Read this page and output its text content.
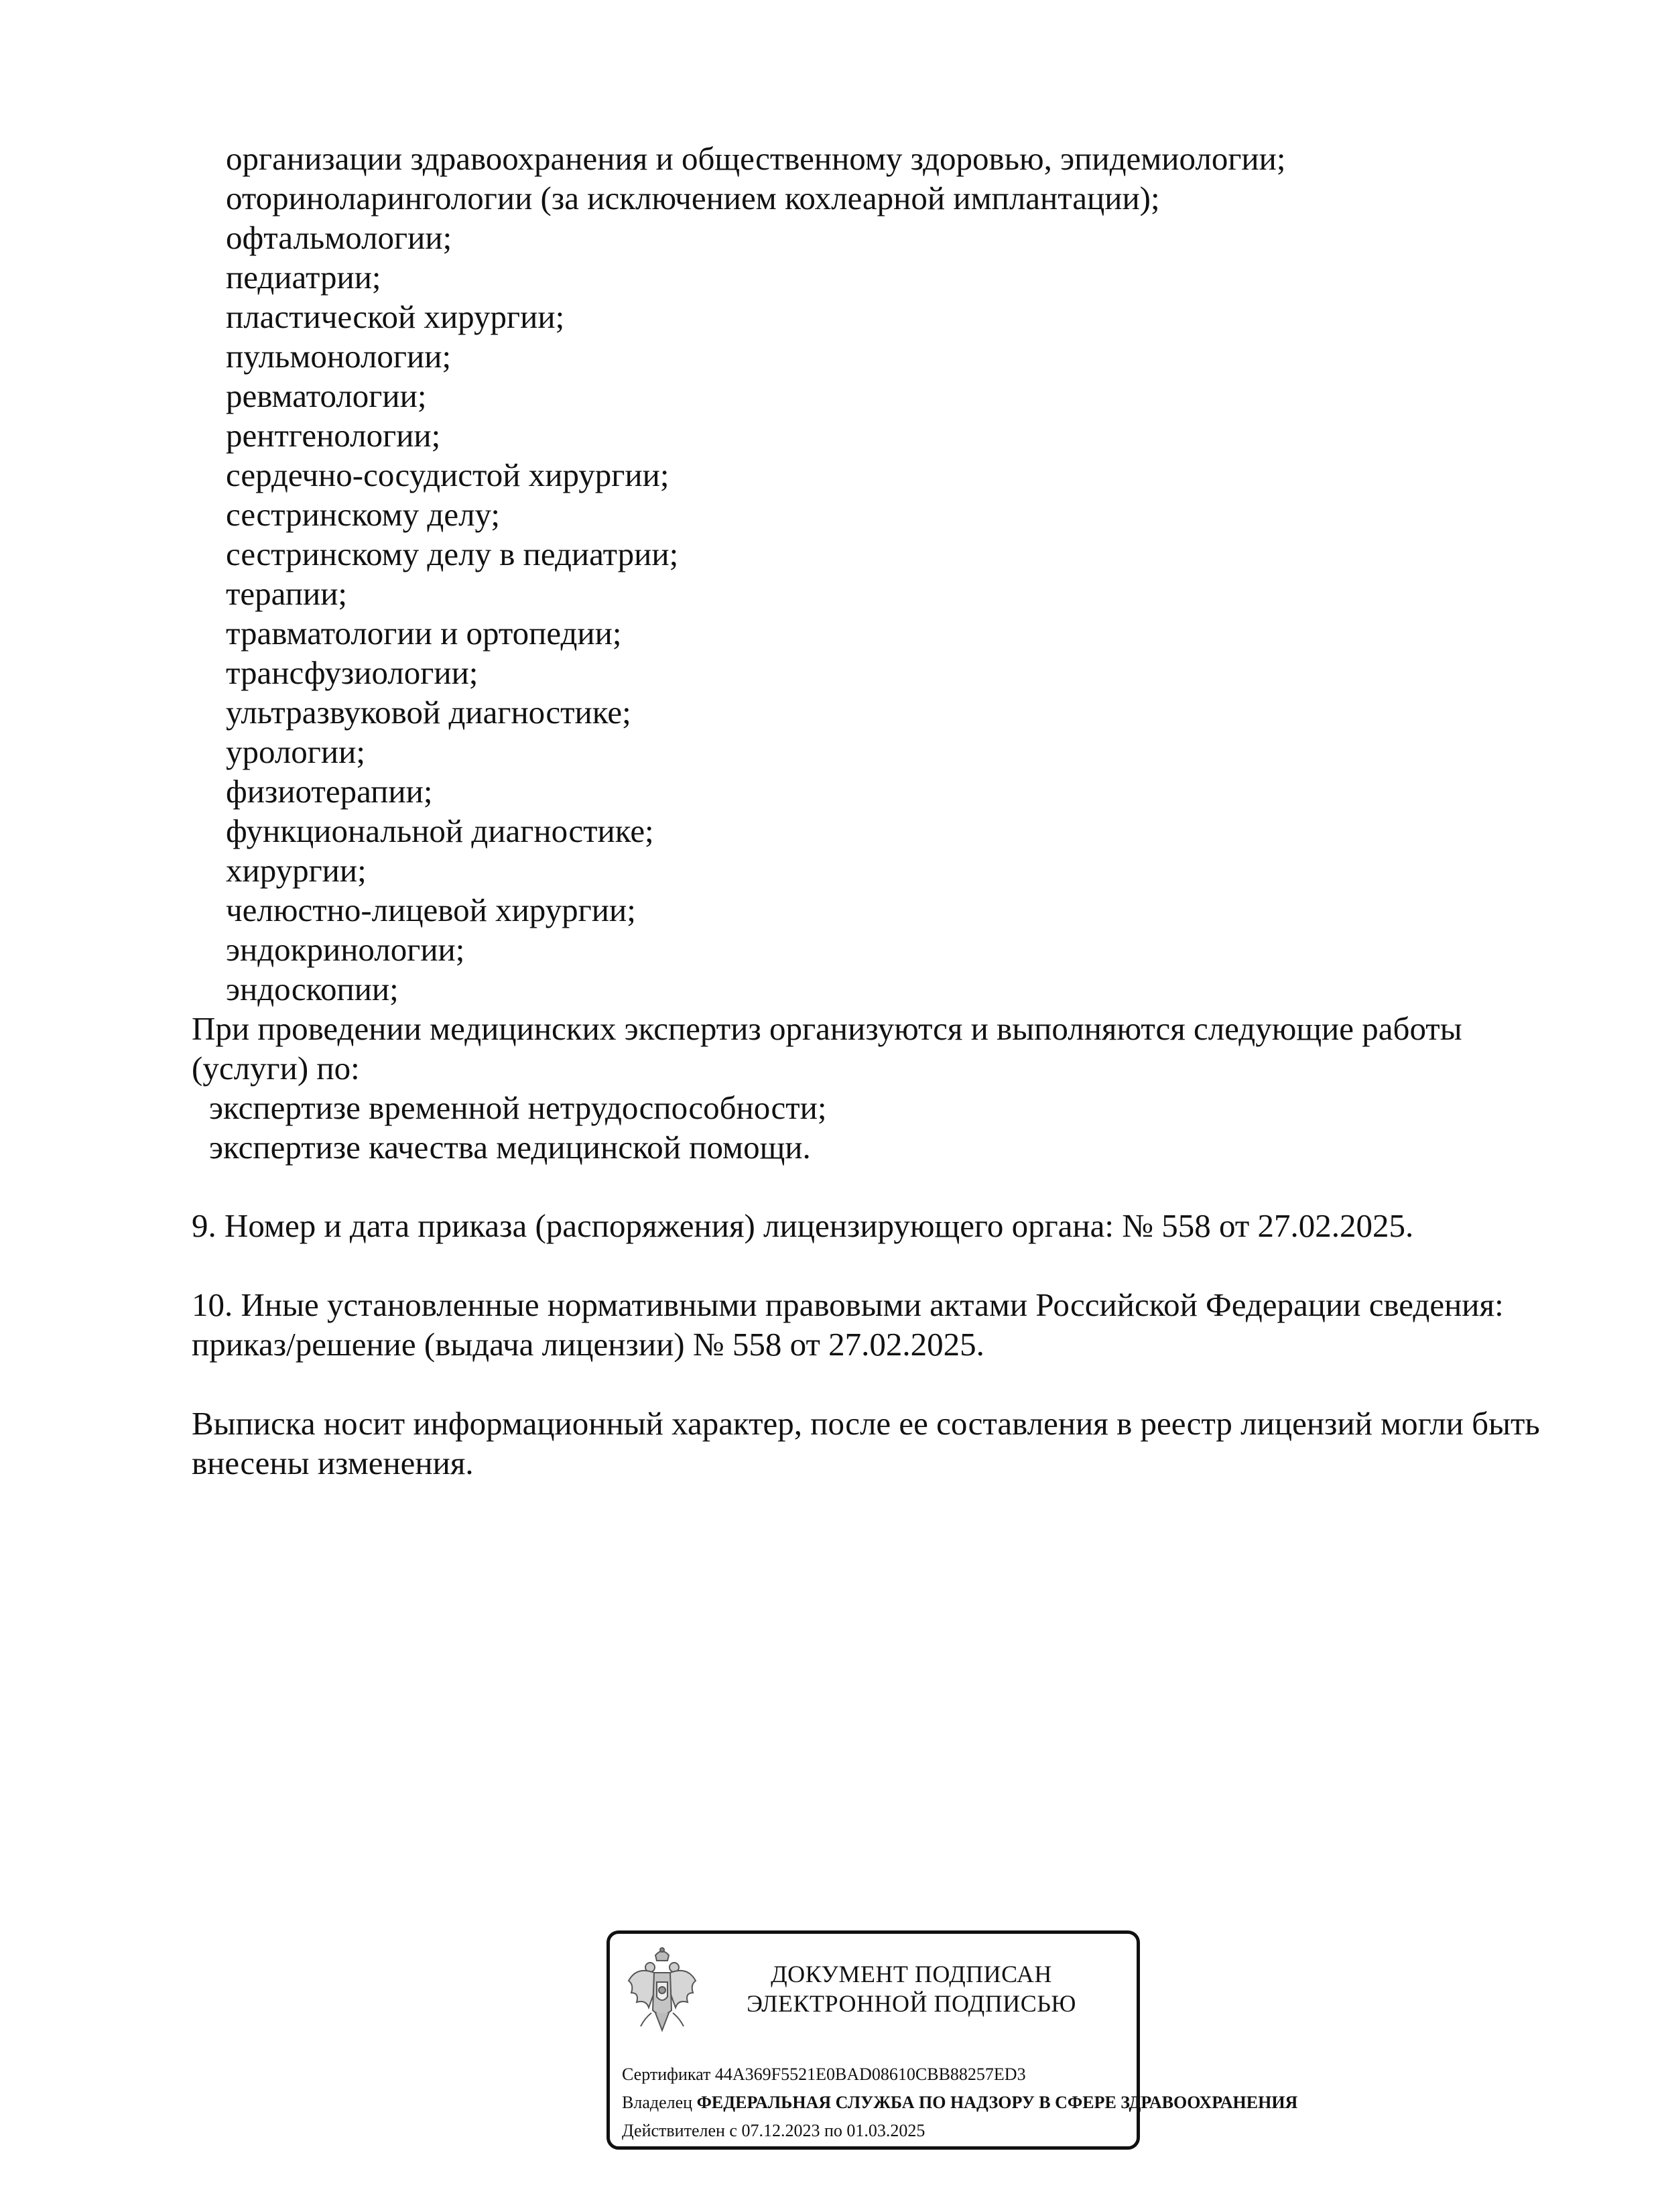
организации здравоохранения и общественному здоровью, эпидемиологии;
оториноларингологии (за исключением кохлеарной имплантации);
офтальмологии;
педиатрии;
пластической хирургии;
пульмонологии;
ревматологии;
рентгенологии;
сердечно-сосудистой хирургии;
сестринскому делу;
сестринскому делу в педиатрии;
терапии;
травматологии и ортопедии;
трансфузиологии;
ультразвуковой диагностике;
урологии;
физиотерапии;
функциональной диагностике;
хирургии;
челюстно-лицевой хирургии;
эндокринологии;
эндоскопии;
При проведении медицинских экспертиз организуются и выполняются следующие работы
(услуги) по:
экспертизе временной нетрудоспособности;
экспертизе качества медицинской помощи.
9. Номер и дата приказа (распоряжения) лицензирующего органа: № 558 от 27.02.2025.
10. Иные установленные нормативными правовыми актами Российской Федерации сведения:
приказ/решение (выдача лицензии) № 558 от 27.02.2025.
Выписка носит информационный характер, после ее составления в реестр лицензий могли быть
внесены изменения.
ДОКУМЕНТ ПОДПИСАН
ЭЛЕКТРОННОЙ ПОДПИСЬЮ
Сертификат 44A369F5521E0BAD08610CBB88257ED3
Владелец ФЕДЕРАЛЬНАЯ СЛУЖБА ПО НАДЗОРУ В СФЕРЕ ЗДРАВООХРАНЕНИЯ
Действителен с 07.12.2023 по 01.03.2025
